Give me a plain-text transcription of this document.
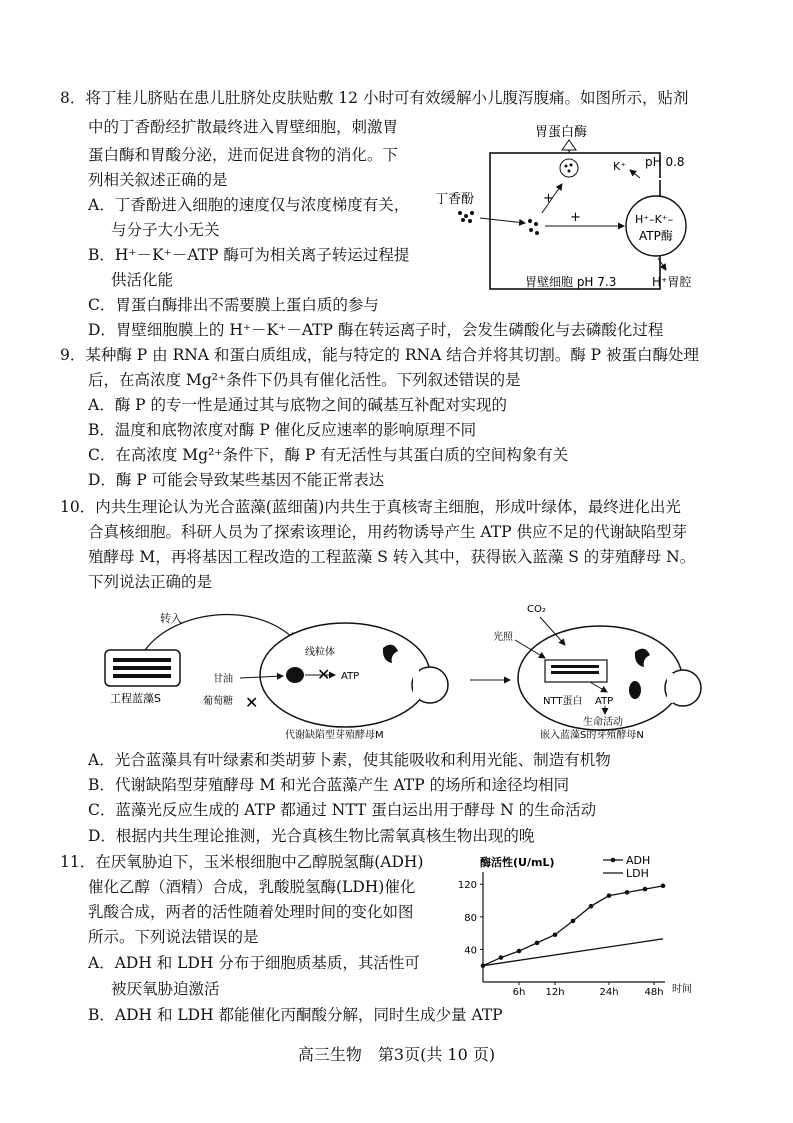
8．将丁桂儿脐贴在患儿肚脐处皮肤贴敷 12 小时可有效缓解小儿腹泻腹痛。如图所示，贴剂
中的丁香酚经扩散最终进入胃壁细胞，刺激胃
蛋白酶和胃酸分泌，进而促进食物的消化。下
列相关叙述正确的是
A．丁香酚进入细胞的速度仅与浓度梯度有关，
与分子大小无关
B．H⁺－K⁺－ATP 酶可为相关离子转运过程提
供活化能
C．胃蛋白酶排出不需要膜上蛋白质的参与
D．胃壁细胞膜上的 H⁺－K⁺－ATP 酶在转运离子时，会发生磷酸化与去磷酸化过程
胃蛋白酶
H⁺–K⁺–
ATP酶
K⁺ pH 0.8
丁香酚	+
+
胃壁细胞 pH 7.3	H⁺胃腔
9．某种酶 P 由 RNA 和蛋白质组成，能与特定的 RNA 结合并将其切割。酶 P 被蛋白酶处理
后，在高浓度 Mg²⁺条件下仍具有催化活性。下列叙述错误的是
A．酶 P 的专一性是通过其与底物之间的碱基互补配对实现的
B．温度和底物浓度对酶 P 催化反应速率的影响原理不同
C．在高浓度 Mg²⁺条件下，酶 P 有无活性与其蛋白质的空间构象有关
D．酶 P 可能会导致某些基因不能正常表达
10．内共生理论认为光合蓝藻(蓝细菌)内共生于真核寄主细胞，形成叶绿体，最终进化出光
合真核细胞。科研人员为了探索该理论，用药物诱导产生 ATP 供应不足的代谢缺陷型芽
殖酵母 M，再将基因工程改造的工程蓝藻 S 转入其中，获得嵌入蓝藻 S 的芽殖酵母 N。
下列说法正确的是
工程蓝藻S
转入
线粒体
✕ ATP
甘油
葡萄糖 ✕
代谢缺陷型芽殖酵母M
CO₂
光照
NTT蛋白 ATP
生命活动
嵌入蓝藻S的芽殖酵母N
A．光合蓝藻具有叶绿素和类胡萝卜素，使其能吸收和利用光能、制造有机物
B．代谢缺陷型芽殖酵母 M 和光合蓝藻产生 ATP 的场所和途径均相同
C．蓝藻光反应生成的 ATP 都通过 NTT 蛋白运出用于酵母 N 的生命活动
D．根据内共生理论推测，光合真核生物比需氧真核生物出现的晚
11．在厌氧胁迫下，玉米根细胞中乙醇脱氢酶(ADH)
催化乙醇（酒精）合成，乳酸脱氢酶(LDH)催化
乳酸合成，两者的活性随着处理时间的变化如图
所示。下列说法错误的是
A．ADH 和 LDH 分布于细胞质基质，其活性可
被厌氧胁迫激活
B．ADH 和 LDH 都能催化丙酮酸分解，同时生成少量 ATP
酶活性(U/mL)	ADH
LDH
40
80
120
6h 12h	24h	48h 时间
高三生物　第3页(共 10 页)
